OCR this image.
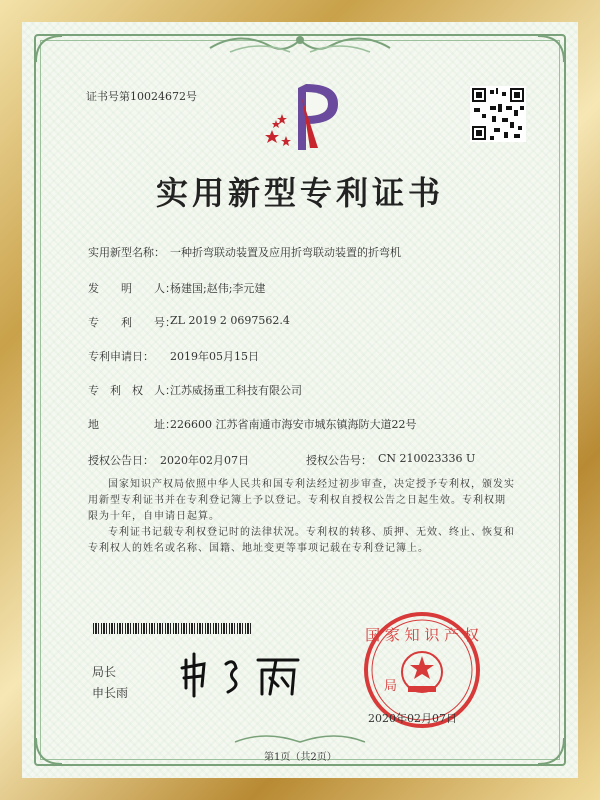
证书号第10024672号
实用新型专利证书
实用新型名称： 一种折弯联动装置及应用折弯联动装置的折弯机
发　　明　　人：
杨建国;赵伟;李元建
专　　利　　号：
ZL 2019 2 0697562.4
专利申请日： 2019年05月15日
专　利　权　人：
江苏威扬重工科技有限公司
地　　　　　址：
226600 江苏省南通市海安市城东镇海防大道22号
授权公告日： 2020年02月07日	授权公告号： CN 210023336 U
国家知识产权局依照中华人民共和国专利法经过初步审查，决定授予专利权，颁发实用新型专利证书并在专利登记簿上予以登记。专利权自授权公告之日起生效。专利权期限为十年，自申请日起算。
专利证书记载专利权登记时的法律状况。专利权的转移、质押、无效、终止、恢复和专利权人的姓名或名称、国籍、地址变更等事项记载在专利登记簿上。
局长
申长雨
国 家 知 识 产 权
局
2020年02月07日
第1页（共2页）
